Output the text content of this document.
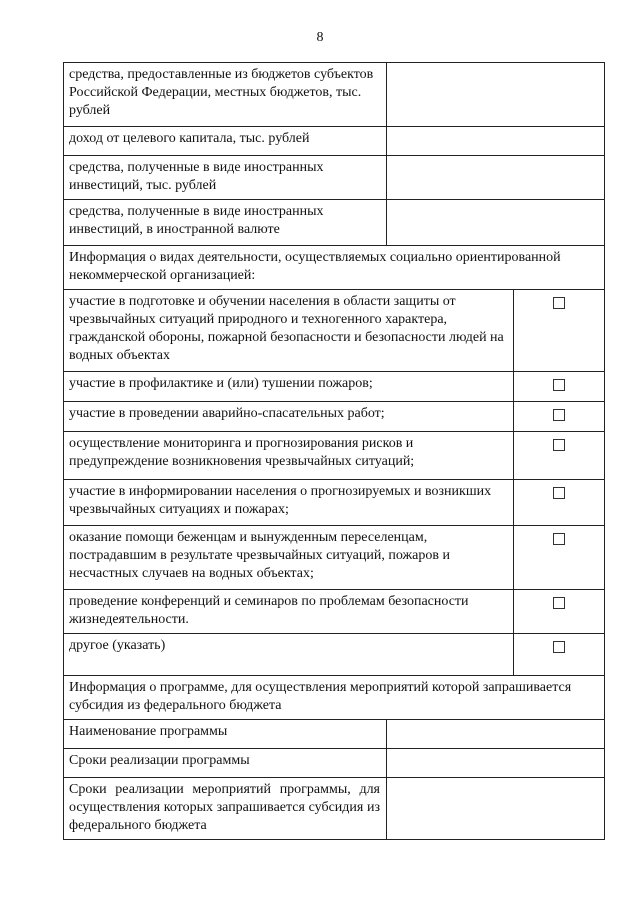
8
средства, предоставленные из бюджетов субъектов Российской Федерации, местных бюджетов, тыс. рублей		
доход от целевого капитала, тыс. рублей		
средства, полученные в виде иностранных инвестиций, тыс. рублей		
средства, полученные в виде иностранных инвестиций, в иностранной валюте		
Информация о видах деятельности, осуществляемых социально ориентированной некоммерческой организацией:		
участие в подготовке и обучении населения в области защиты от чрезвычайных ситуаций природного и техногенного характера, гражданской обороны, пожарной безопасности и безопасности людей на водных объектах		
участие в профилактике и (или) тушении пожаров;		
участие в проведении аварийно-спасательных работ;		
осуществление мониторинга и прогнозирования рисков и предупреждение возникновения чрезвычайных ситуаций;		
участие в информировании населения о прогнозируемых и возникших чрезвычайных ситуациях и пожарах;		
оказание помощи беженцам и вынужденным переселенцам, пострадавшим в результате чрезвычайных ситуаций, пожаров и несчастных случаев на водных объектах;		
проведение конференций и семинаров по проблемам безопасности жизнедеятельности.		
другое (указать)		
Информация о программе, для осуществления мероприятий которой запрашивается субсидия из федерального бюджета		
Наименование программы		
Сроки реализации программы		
Сроки реализации мероприятий программы, для осуществления которых запрашивается субсидия из федерального бюджета		
